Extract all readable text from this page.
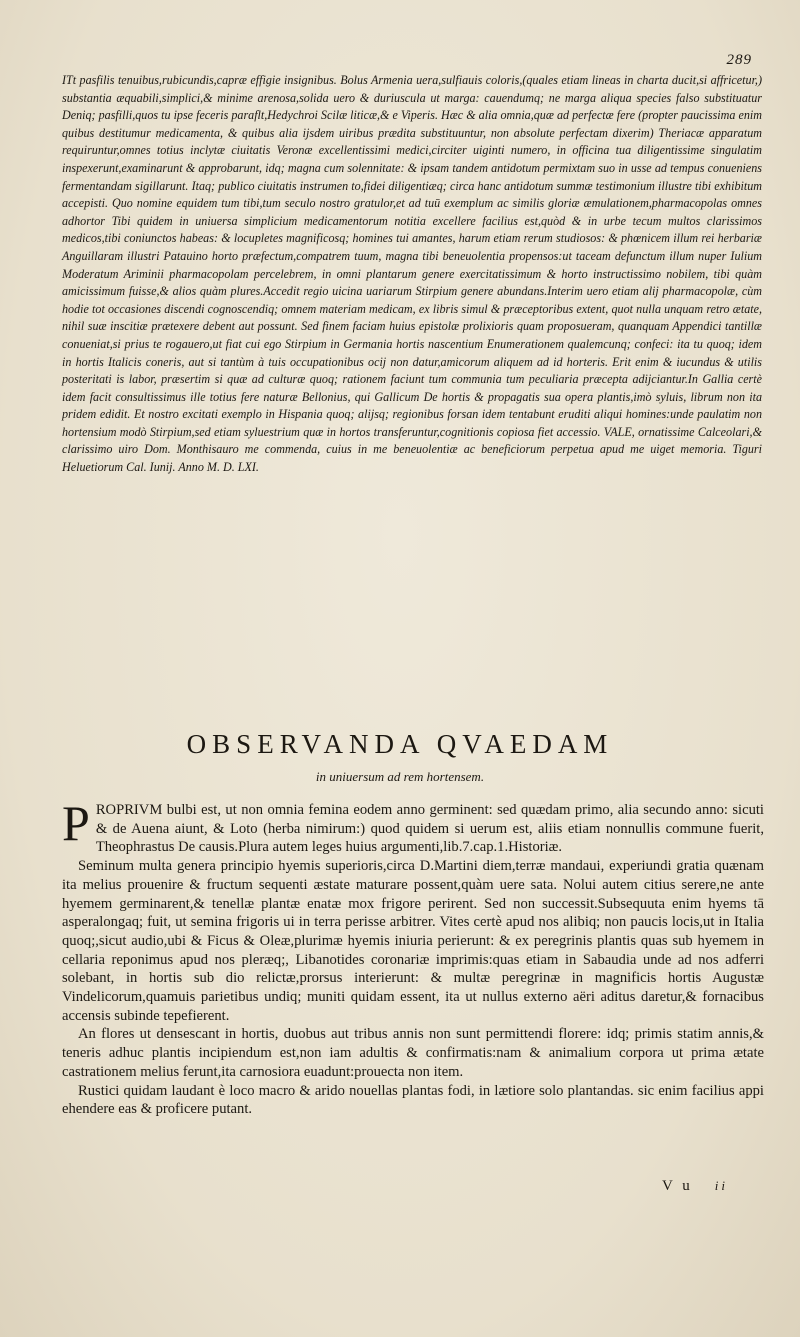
289

ITt pasfilis tenuibus,rubicundis,capræ effigie insignibus. Bolus Armenia uera,sulfiauis coloris,(quales etiam lineas in charta ducit,si affricetur,) substantia æquabili,simplici,& minime arenosa,solida uero & duriuscula ut marga: cauendumq; ne marga aliqua species falso substituatur Deniq; pasfilli,quos tu ipse feceris paraflt,Hedychroi Scilæ liticæ,& e Viperis. Hæc & alia omnia,quæ ad perfectæ fere (propter paucissima enim quibus destitumur medicamenta, & quibus alia ijsdem uiribus prædita substituuntur, non absolute perfectam dixerim) Theriacæ apparatum requiruntur,omnes totius inclytæ ciuitatis Veronæ excellentissimi medici,circiter uiginti numero, in officina tua diligentissime singulatim inspexerunt,examinarunt & approbarunt, idq; magna cum solennitate: & ipsam tandem antidotum permixtam suo in usse ad tempus conueniens fermentandam sigillarunt. Itaq; publico ciuitatis instrumen to,fidei diligentiæq; circa hanc antidotum summæ testimonium illustre tibi exhibitum accepisti. Quo nomine equidem tum tibi,tum seculo nostro gratulor,et ad tuū exemplum ac similis gloriæ æmulationem,pharmacopolas omnes adhortor Tibi quidem in uniuersa simplicium medicamentorum notitia excellere facilius est,quòd & in urbe tecum multos clarissimos medicos,tibi coniunctos habeas: & locupletes magnificosq; homines tui amantes, harum etiam rerum studiosos: & phœnicem illum rei herbariæ Anguillaram illustri Patauino horto præfectum,compatrem tuum, magna tibi beneuolentia propensos:ut taceam defunctum illum nuper Iulium Moderatum Ariminii pharmacopolam percelebrem, in omni plantarum genere exercitatissimum & horto instructissimo nobilem, tibi quàm amicissimum fuisse,& alios quàm plures.Accedit regio uicina uariarum Stirpium genere abundans.Interim uero etiam alij pharmacopolæ, cùm hodie tot occasiones discendi cognoscendiq; omnem materiam medicam, ex libris simul & præceptoribus extent, quot nulla unquam retro ætate, nihil suæ inscitiæ prætexere debent aut possunt. Sed finem faciam huius epistolæ prolixioris quam proposueram, quanquam Appendici tantillæ conueniat,si prius te rogauero,ut fiat cui ego Stirpium in Germania hortis nascentium Enumerationem qualemcunq; confeci: ita tu quoq; idem in hortis Italicis coneris, aut si tantùm à tuis occupationibus ocij non datur,amicorum aliquem ad id horteris. Erit enim & iucundus & utilis posteritati is labor, præsertim si quæ ad culturæ quoq; rationem faciunt tum communia tum peculiaria præcepta adijciantur.In Gallia certè idem facit consultissimus ille totius fere naturæ Bellonius, qui Gallicum De hortis & propagatis sua opera plantis,imò syluis, librum non ita pridem edidit. Et nostro excitati exemplo in Hispania quoq; alijsq; regionibus forsan idem tentabunt eruditi aliqui homines:unde paulatim non hortensium modò Stirpium,sed etiam syluestrium quæ in hortos transferuntur,cognitionis copiosa fiet accessio. VALE, ornatissime Calceolari,& clarissimo uiro Dom. Monthisauro me commenda, cuius in me beneuolentiæ ac beneficiorum perpetua apud me uiget memoria. Tiguri Heluetiorum Cal. Iunij. Anno M. D. LXI.

OBSERVANDA QVAEDAM
in uniuersum ad rem hortensem.

PROPRIVM bulbi est, ut non omnia femina eodem anno germinent: sed quædam primo, alia secundo anno: sicuti & de Auena aiunt, & Loto (herba nimirum:) quod quidem si uerum est, aliis etiam nonnullis commune fuerit, Theophrastus De causis.Plura autem leges huius argumenti,lib.7.cap.1.Historiæ.

Seminum multa genera principio hyemis superioris,circa D.Martini diem,terræ mandaui, experiundi gratia quænam ita melius prouenire & fructum sequenti æstate maturare possent,quàm uere sata. Nolui autem citius serere,ne ante hyemem germinarent,& tenellæ plantæ enatæ mox frigore perirent. Sed non successit.Subsequuta enim hyems tā asperalongaq; fuit, ut semina frigoris ui in terra perisse arbitrer. Vites certè apud nos alibiq; non paucis locis,ut in Italia quoq;,sicut audio,ubi & Ficus & Oleæ,plurimæ hyemis iniuria perierunt: & ex peregrinis plantis quas sub hyemem in cellaria reponimus apud nos pleræq;, Libanotides coronariæ imprimis:quas etiam in Sabaudia unde ad nos adferri solebant, in hortis sub dio relictæ,prorsus interierunt: & multæ peregrinæ in magnificis hortis Augustæ Vindelicorum,quamuis parietibus undiq; muniti quidam essent, ita ut nullus externo aëri aditus daretur,& fornacibus accensis subinde tepefierent.

An flores ut densescant in hortis, duobus aut tribus annis non sunt permittendi florere: idq; primis statim annis,& teneris adhuc plantis incipiendum est,non iam adultis & confirmatis:nam & animalium corpora ut prima ætate castrationem melius ferunt,ita carnosiora euadunt:prouecta non item.

Rustici quidam laudant è loco macro & arido nouellas plantas fodi, in lætiore solo plantandas. sic enim facilius appi ehendere eas & proficere putant.

V u ii
